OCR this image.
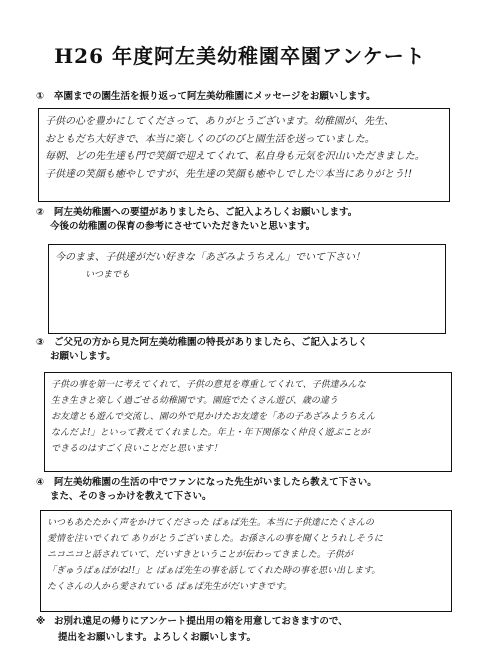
H26 年度阿左美幼稚園卒園アンケート
① 卒園までの園生活を振り返って阿左美幼稚園にメッセージをお願いします。
子供の心を豊かにしてくださって、ありがとうございます。幼稚園が、先生、
おともだち大好きで、本当に楽しくのびのびと園生活を送っていました。
毎朝、どの先生達も門で笑顔で迎えてくれて、私自身も元気を沢山いただきました。
子供達の笑顔も癒やしですが、先生達の笑顔も癒やしでした♡本当にありがとう!!
② 阿左美幼稚園への要望がありましたら、ご記入よろしくお願いします。
今後の幼稚園の保育の参考にさせていただきたいと思います。
今のまま、子供達がだい好きな「あざみようちえん」でいて下さい！
いつまでも
③ ご父兄の方から見た阿左美幼稚園の特長がありましたら、ご記入よろしく
お願いします。
子供の事を第一に考えてくれて、子供の意見を尊重してくれて、子供達みんな
生き生きと楽しく過ごせる幼稚園です。園庭でたくさん遊び、歳の違う
お友達とも遊んで交流し、園の外で見かけたお友達を「あの子あざみようちえん
なんだよ!」といって教えてくれました。年上・年下関係なく仲良く遊ぶことが
できるのはすごく良いことだと思います！
④ 阿左美幼稚園の生活の中でファンになった先生がいましたら教えて下さい。
また、そのきっかけを教えて下さい。
いつもあたたかく声をかけてくださった ばぁば先生。本当に子供達にたくさんの
愛情を注いでくれて ありがとうございました。お孫さんの事を聞くとうれしそうに
ニコニコと話されていて、だいすきということが伝わってきました。子供が
「ぎゅうばぁばがね!!」と ばぁば先生の事を話してくれた時の事を思い出します。
たくさんの人から愛されている ばぁば先生がだいすきです。
※ お別れ遠足の帰りにアンケート提出用の箱を用意しておきますので、
提出をお願いします。よろしくお願いします。
